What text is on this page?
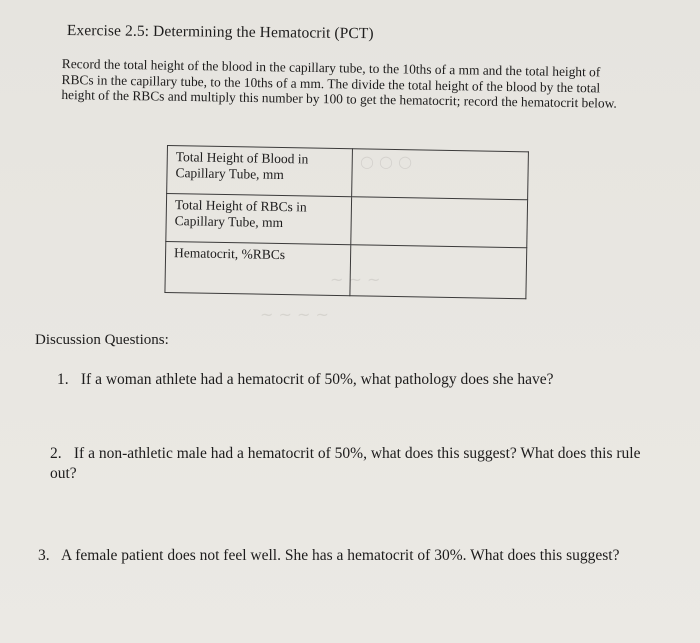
○ ○ ○
~ ~ ~
~ ~ ~ ~
Exercise 2.5: Determining the Hematocrit (PCT)
Record the total height of the blood in the capillary tube, to the 10ths of a mm and the total height of RBCs in the capillary tube, to the 10ths of a mm. The divide the total height of the blood by the total height of the RBCs and multiply this number by 100 to get the hematocrit; record the hematocrit below.
Total Height of Blood in Capillary Tube, mm	
Total Height of RBCs in Capillary Tube, mm	
Hematocrit, %RBCs	
Discussion Questions:
1. If a woman athlete had a hematocrit of 50%, what pathology does she have?
2. If a non-athletic male had a hematocrit of 50%, what does this suggest? What does this rule out?
3. A female patient does not feel well. She has a hematocrit of 30%. What does this suggest?
